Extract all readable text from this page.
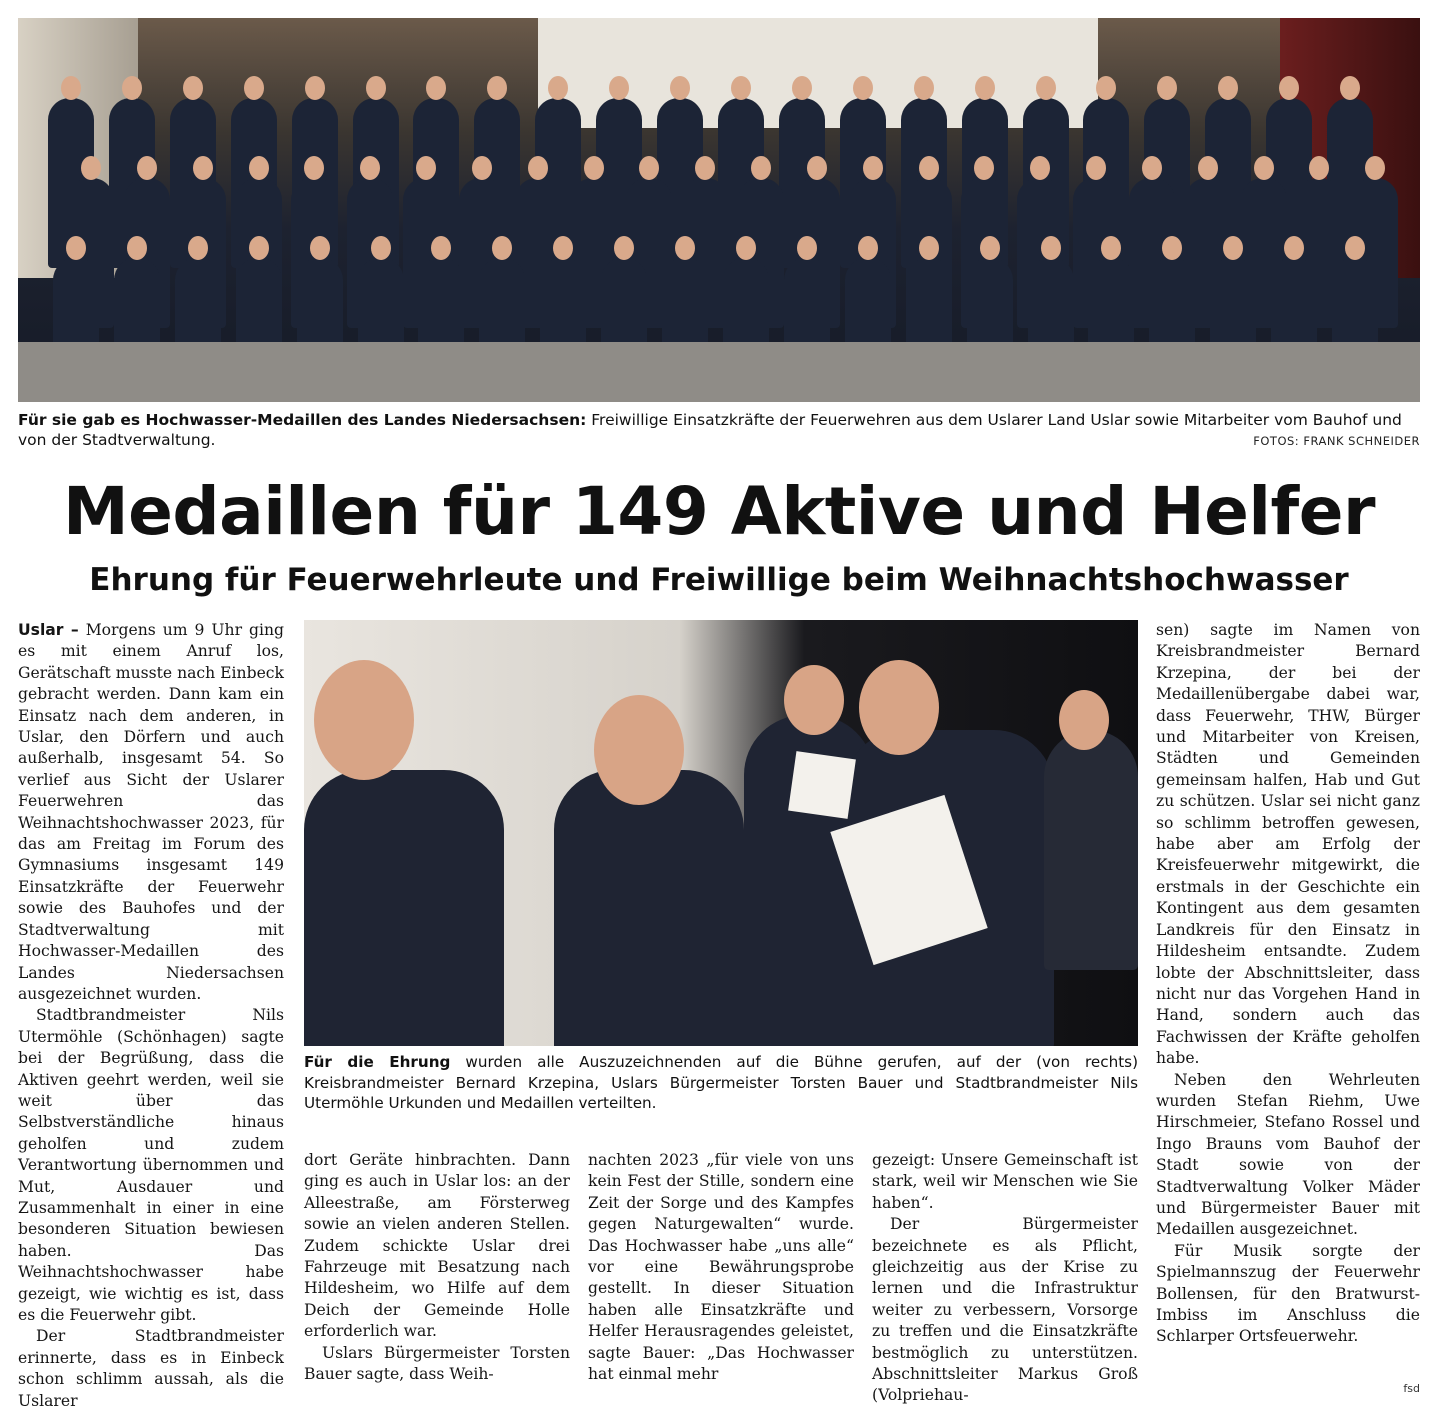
Für sie gab es Hochwasser-Medaillen des Landes Niedersachsen: Freiwillige Einsatzkräfte der Feuerwehren aus dem Uslarer Land Uslar sowie Mitarbeiter vom Bauhof und von der Stadtverwaltung.	FOTOS: FRANK SCHNEIDER
Medaillen für 149 Aktive und Helfer
Ehrung für Feuerwehrleute und Freiwillige beim Weihnachtshochwasser

Uslar – Morgens um 9 Uhr ging es mit einem Anruf los, Gerätschaft musste nach Einbeck gebracht werden. Dann kam ein Einsatz nach dem anderen, in Uslar, den Dörfern und auch außerhalb, insgesamt 54. So verlief aus Sicht der Uslarer Feuerwehren das Weihnachtshochwasser 2023, für das am Freitag im Forum des Gymnasiums insgesamt 149 Einsatzkräfte der Feuerwehr sowie des Bauhofes und der Stadtverwaltung mit Hochwasser-Medaillen des Landes Niedersachsen ausgezeichnet wurden.

Stadtbrandmeister Nils Utermöhle (Schönhagen) sagte bei der Begrüßung, dass die Aktiven geehrt werden, weil sie weit über das Selbstverständliche hinaus geholfen und zudem Verantwortung übernommen und Mut, Ausdauer und Zusammenhalt in einer in eine besonderen Situation bewiesen haben. Das Weihnachtshochwasser habe gezeigt, wie wichtig es ist, dass es die Feuerwehr gibt.

Der Stadtbrandmeister erinnerte, dass es in Einbeck schon schlimm aussah, als die Uslarer

Für die Ehrung wurden alle Auszuzeichnenden auf die Bühne gerufen, auf der (von rechts) Kreisbrandmeister Bernard Krzepina, Uslars Bürgermeister Torsten Bauer und Stadtbrandmeister Nils Utermöhle Urkunden und Medaillen verteilten.

dort Geräte hinbrachten. Dann ging es auch in Uslar los: an der Alleestraße, am Försterweg sowie an vielen anderen Stellen. Zudem schickte Uslar drei Fahrzeuge mit Besatzung nach Hildesheim, wo Hilfe auf dem Deich der Gemeinde Holle erforderlich war.

Uslars Bürgermeister Torsten Bauer sagte, dass Weih-

nachten 2023 „für viele von uns kein Fest der Stille, sondern eine Zeit der Sorge und des Kampfes gegen Naturgewalten“ wurde. Das Hochwasser habe „uns alle“ vor eine Bewährungsprobe gestellt. In dieser Situation haben alle Einsatzkräfte und Helfer Herausragendes geleistet, sagte Bauer: „Das Hochwasser hat einmal mehr

gezeigt: Unsere Gemeinschaft ist stark, weil wir Menschen wie Sie haben“.

Der Bürgermeister bezeichnete es als Pflicht, gleichzeitig aus der Krise zu lernen und die Infrastruktur weiter zu verbessern, Vorsorge zu treffen und die Einsatzkräfte bestmöglich zu unterstützen. Abschnittsleiter Markus Groß (Volpriehau-

sen) sagte im Namen von Kreisbrandmeister Bernard Krzepina, der bei der Medaillenübergabe dabei war, dass Feuerwehr, THW, Bürger und Mitarbeiter von Kreisen, Städten und Gemeinden gemeinsam halfen, Hab und Gut zu schützen. Uslar sei nicht ganz so schlimm betroffen gewesen, habe aber am Erfolg der Kreisfeuerwehr mitgewirkt, die erstmals in der Geschichte ein Kontingent aus dem gesamten Landkreis für den Einsatz in Hildesheim entsandte. Zudem lobte der Abschnittsleiter, dass nicht nur das Vorgehen Hand in Hand, sondern auch das Fachwissen der Kräfte geholfen habe.

Neben den Wehrleuten wurden Stefan Riehm, Uwe Hirschmeier, Stefano Rossel und Ingo Brauns vom Bauhof der Stadt sowie von der Stadtverwaltung Volker Mäder und Bürgermeister Bauer mit Medaillen ausgezeichnet.

Für Musik sorgte der Spielmannszug der Feuerwehr Bollensen, für den Bratwurst-Imbiss im Anschluss die Schlarper Ortsfeuerwehr.

fsd
